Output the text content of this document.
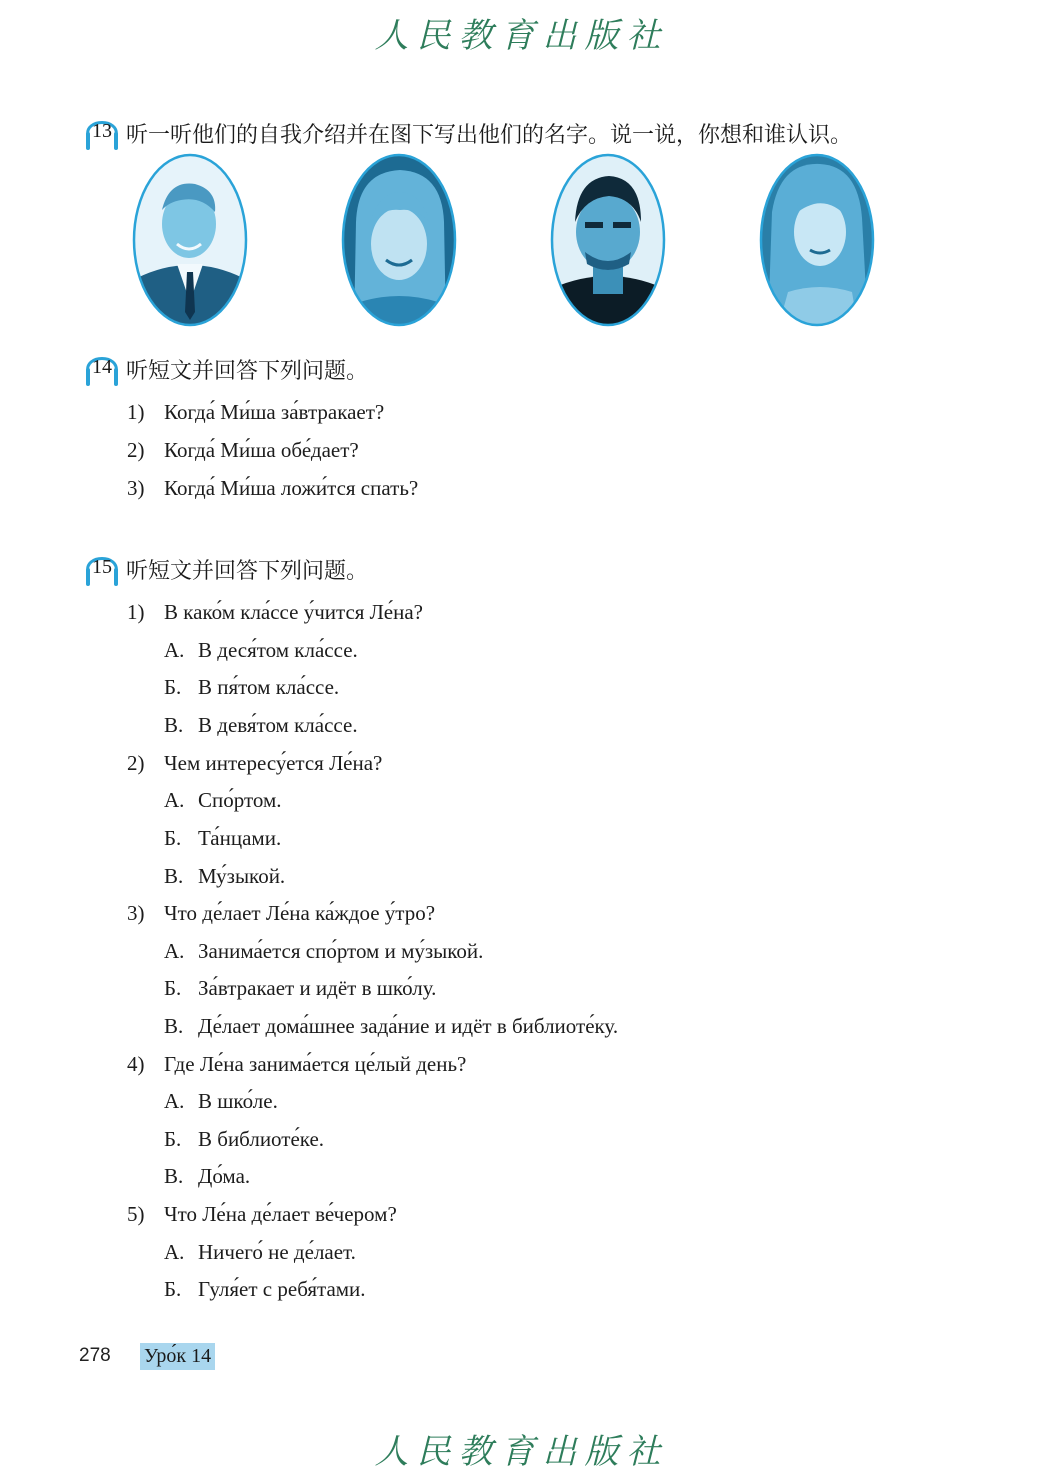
人民教育出版社
13 听一听他们的自我介绍并在图下写出他们的名字。说一说，你想和谁认识。
14 听短文并回答下列问题。
1) Когда́ Ми́ша за́втракает?
2) Когда́ Ми́ша обе́дает?
3) Когда́ Ми́ша ложи́тся спать?
15 听短文并回答下列问题。
1) В како́м кла́ссе у́чится Ле́на?
А. В деся́том кла́ссе.
Б. В пя́том кла́ссе.
В. В девя́том кла́ссе.
2) Чем интересу́ется Ле́на?
А. Спо́ртом.
Б. Та́нцами.
В. Му́зыкой.
3) Что де́лает Ле́на ка́ждое у́тро?
А. Занима́ется спо́ртом и му́зыкой.
Б. За́втракает и идёт в шко́лу.
В. Де́лает дома́шнее зада́ние и идёт в библиоте́ку.
4) Где Ле́на занима́ется це́лый день?
А. В шко́ле.
Б. В библиоте́ке.
В. До́ма.
5) Что Ле́на де́лает ве́чером?
А. Ничего́ не де́лает.
Б. Гуля́ет с ребя́тами.
278 Уро́к 14
人民教育出版社
